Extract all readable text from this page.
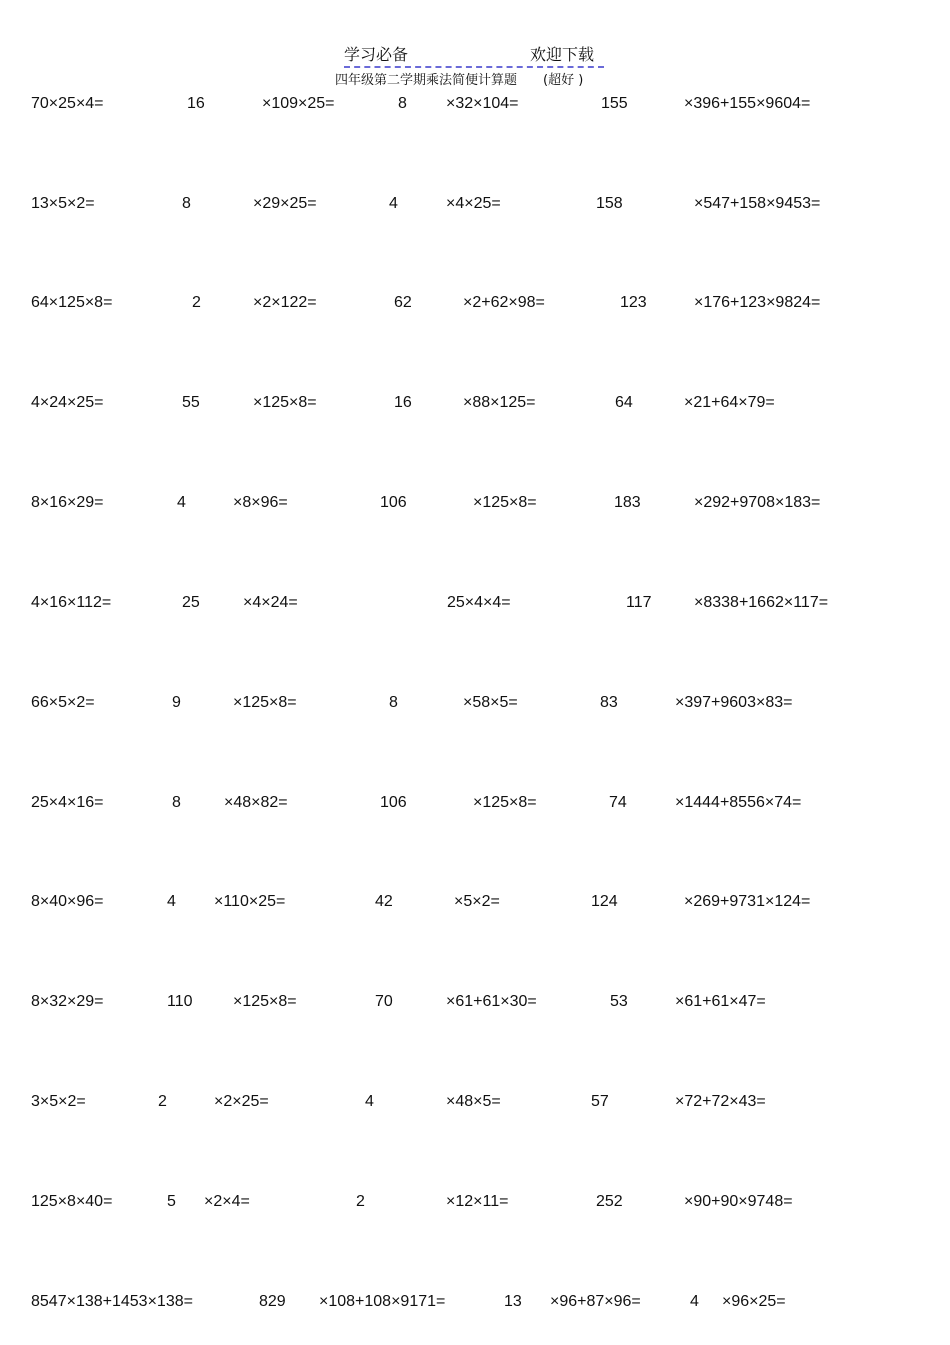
学习必备	欢迎下载
四年级第二学期乘法简便计算题 (超好 )
70×25×4=	16	×109×25=	8 ×32×104=	155	×396+155×9604=
13×5×2=	8	×29×25=	4	×4×25=	158	×547+158×9453=
64×125×8=	2	×2×122=	62	×2+62×98=	123	×176+123×9824=
4×24×25=	55	×125×8=	16	×88×125=	64	×21+64×79=
8×16×29=	4	×8×96=	106	×125×8=	183	×292+9708×183=
4×16×112=	25	×4×24=	25×4×4=	117	×8338+1662×117=
66×5×2=	9	×125×8=	8	×58×5=	83	×397+9603×83=
25×4×16=	8	×48×82=	106	×125×8=	74	×1444+8556×74=
8×40×96=	4 ×110×25=	42	×5×2=	124	×269+9731×124=
8×32×29=	110	×125×8=	70	×61+61×30=	53	×61+61×47=
3×5×2=	2	×2×25=	4	×48×5=	57	×72+72×43=
125×8×40=	5 ×2×4=	2	×12×11=	252	×90+90×9748=
8547×138+1453×138=	829 ×108+108×9171=	13 ×96+87×96=	4 ×96×25=
